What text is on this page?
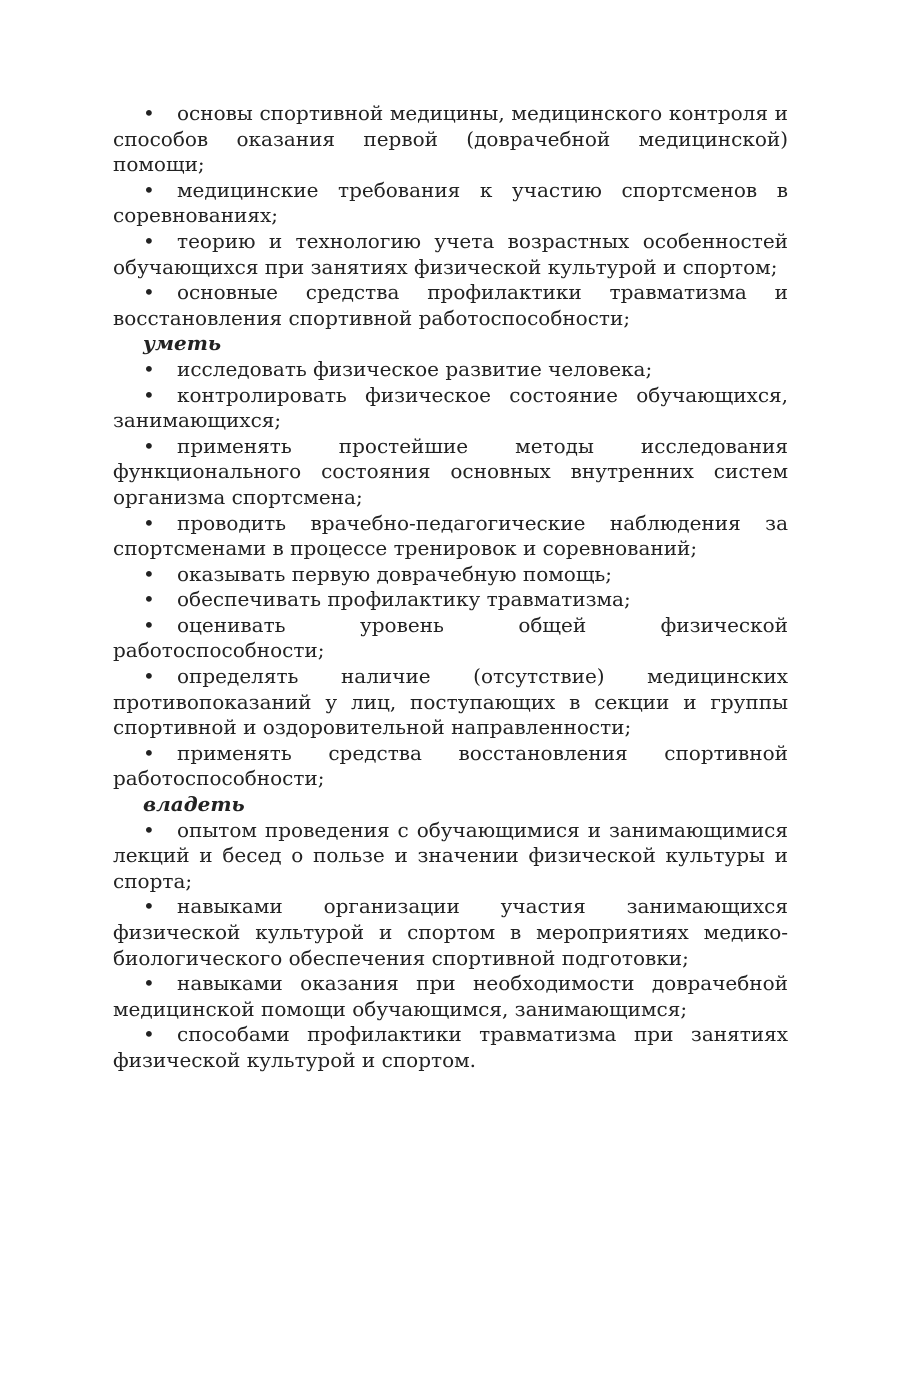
• основы спортивной медицины, медицинского контроля и способов оказания первой (доврачебной медицинской) помощи;

• медицинские требования к участию спортсменов в соревнованиях;

• теорию и технологию учета возрастных особенностей обучающихся при занятиях физической культурой и спортом;

• основные средства профилактики травматизма и восстановления спортивной работоспособности;

уметь

• исследовать физическое развитие человека;

• контролировать физическое состояние обучающихся, занимающихся;

• применять простейшие методы исследования функционального состояния основных внутренних систем организма спортсмена;

• проводить врачебно-педагогические наблюдения за спортсменами в процессе тренировок и соревнований;

• оказывать первую доврачебную помощь;

• обеспечивать профилактику травматизма;

• оценивать уровень общей физической работоспособности;

• определять наличие (отсутствие) медицинских противопоказаний у лиц, поступающих в секции и группы спортивной и оздоровительной направленности;

• применять средства восстановления спортивной работоспособности;

владеть

• опытом проведения с обучающимися и занимающимися лекций и бесед о пользе и значении физической культуры и спорта;

• навыками организации участия занимающихся физической культурой и спортом в мероприятиях медико-биологического обеспечения спортивной подготовки;

• навыками оказания при необходимости доврачебной медицинской помощи обучающимся, занимающимся;

• способами профилактики травматизма при занятиях физической культурой и спортом.
